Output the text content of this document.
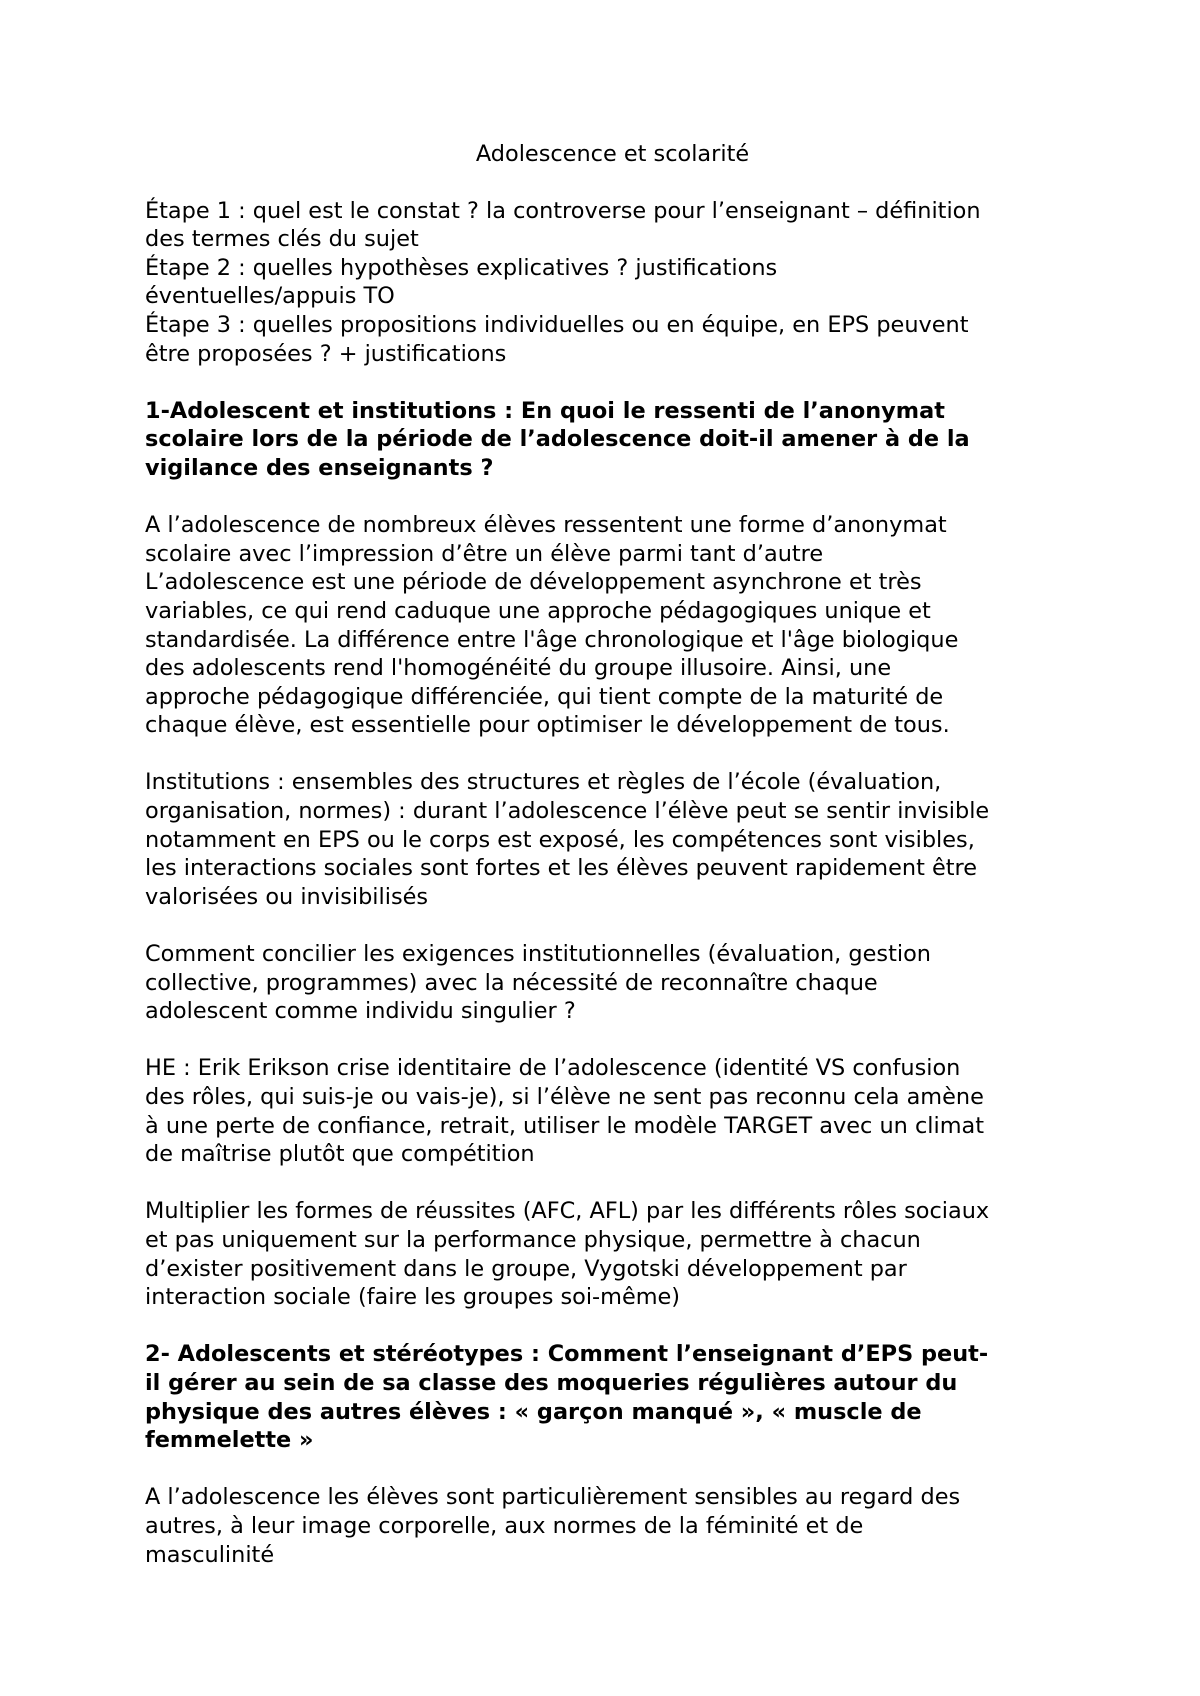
Adolescence et scolarité
Étape 1 : quel est le constat ? la controverse pour l’enseignant – définition
des termes clés du sujet
Étape 2 : quelles hypothèses explicatives ? justifications
éventuelles/appuis TO
Étape 3 : quelles propositions individuelles ou en équipe, en EPS peuvent
être proposées ? + justifications
1-Adolescent et institutions : En quoi le ressenti de l’anonymat
scolaire lors de la période de l’adolescence doit-il amener à de la
vigilance des enseignants ?
A l’adolescence de nombreux élèves ressentent une forme d’anonymat
scolaire avec l’impression d’être un élève parmi tant d’autre
L’adolescence est une période de développement asynchrone et très
variables, ce qui rend caduque une approche pédagogiques unique et
standardisée. La différence entre l'âge chronologique et l'âge biologique
des adolescents rend l'homogénéité du groupe illusoire. Ainsi, une
approche pédagogique différenciée, qui tient compte de la maturité de
chaque élève, est essentielle pour optimiser le développement de tous.
Institutions : ensembles des structures et règles de l’école (évaluation,
organisation, normes) : durant l’adolescence l’élève peut se sentir invisible
notamment en EPS ou le corps est exposé, les compétences sont visibles,
les interactions sociales sont fortes et les élèves peuvent rapidement être
valorisées ou invisibilisés
Comment concilier les exigences institutionnelles (évaluation, gestion
collective, programmes) avec la nécessité de reconnaître chaque
adolescent comme individu singulier ?
HE : Erik Erikson crise identitaire de l’adolescence (identité VS confusion
des rôles, qui suis-je ou vais-je), si l’élève ne sent pas reconnu cela amène
à une perte de confiance, retrait, utiliser le modèle TARGET avec un climat
de maîtrise plutôt que compétition
Multiplier les formes de réussites (AFC, AFL) par les différents rôles sociaux
et pas uniquement sur la performance physique, permettre à chacun
d’exister positivement dans le groupe, Vygotski développement par
interaction sociale (faire les groupes soi-même)
2- Adolescents et stéréotypes : Comment l’enseignant d’EPS peut-
il gérer au sein de sa classe des moqueries régulières autour du
physique des autres élèves : « garçon manqué », « muscle de
femmelette »
A l’adolescence les élèves sont particulièrement sensibles au regard des
autres, à leur image corporelle, aux normes de la féminité et de
masculinité
